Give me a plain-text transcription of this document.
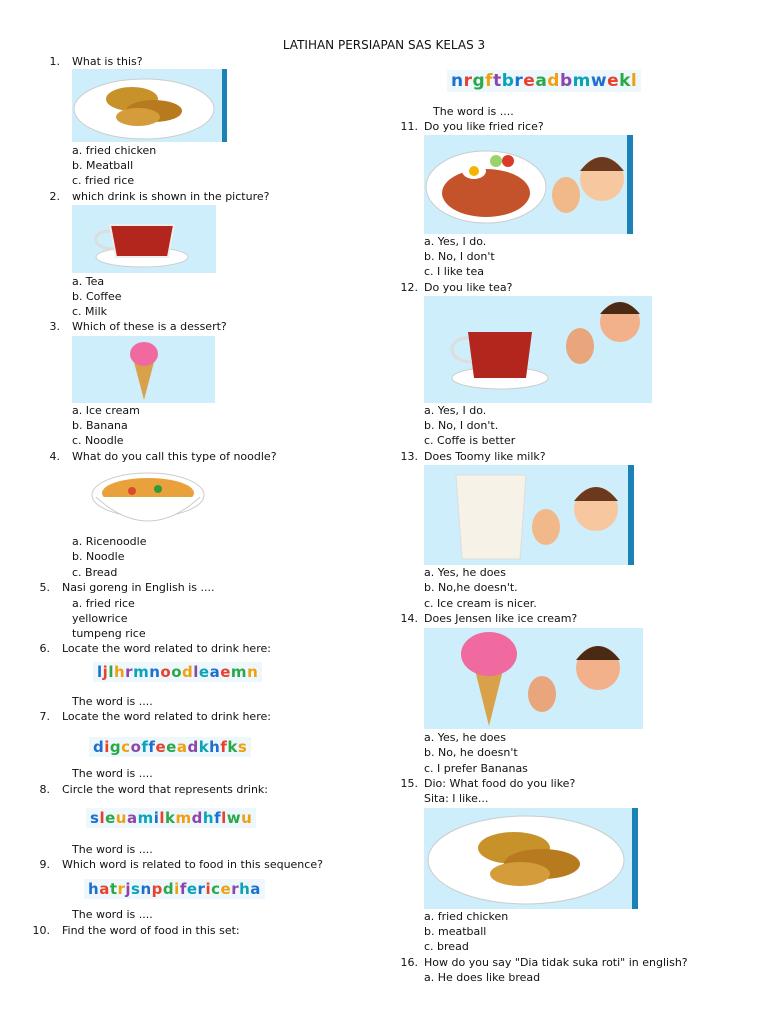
LATIHAN PERSIAPAN SAS KELAS 3
1. What is this?
a. fried chicken
b. Meatball
c. fried rice
2. which drink is shown in the picture?
a. Tea
b. Coffee
c. Milk
3. Which of these is a dessert?
a. Ice cream
b. Banana
c. Noodle
4. What do you call this type of noodle?
a. Ricenoodle
b. Noodle
c. Bread
5. Nasi goreng in English is ....
a. fried rice
yellowrice
tumpeng rice
6. Locate the word related to drink here:
ljlhrmnoodleaemn
The word is ....
7. Locate the word related to drink here:
digcoffeeadkhfks
The word is ....
8. Circle the word that represents drink:
sleuamilkmdhflwu
The word is ....
9. Which word is related to food in this sequence?
hatrjsnpdifericerha
The word is ....
10. Find the word of food in this set:
nrgftbreadbmwekl
The word is ....
11. Do you like fried rice?
a. Yes, I do.
b. No, I don't
c. I like tea
12. Do you like tea?
a. Yes, I do.
b. No, I don't.
c. Coffe is better
13. Does Toomy like milk?
a. Yes, he does
b. No,he doesn't.
c. Ice cream is nicer.
14. Does Jensen like ice cream?
a. Yes, he does
b. No, he doesn't
c. I prefer Bananas
15. Dio: What food do you like?
Sita: I like...
a. fried chicken
b. meatball
c. bread
16. How do you say "Dia tidak suka roti" in english?
a. He does like bread
